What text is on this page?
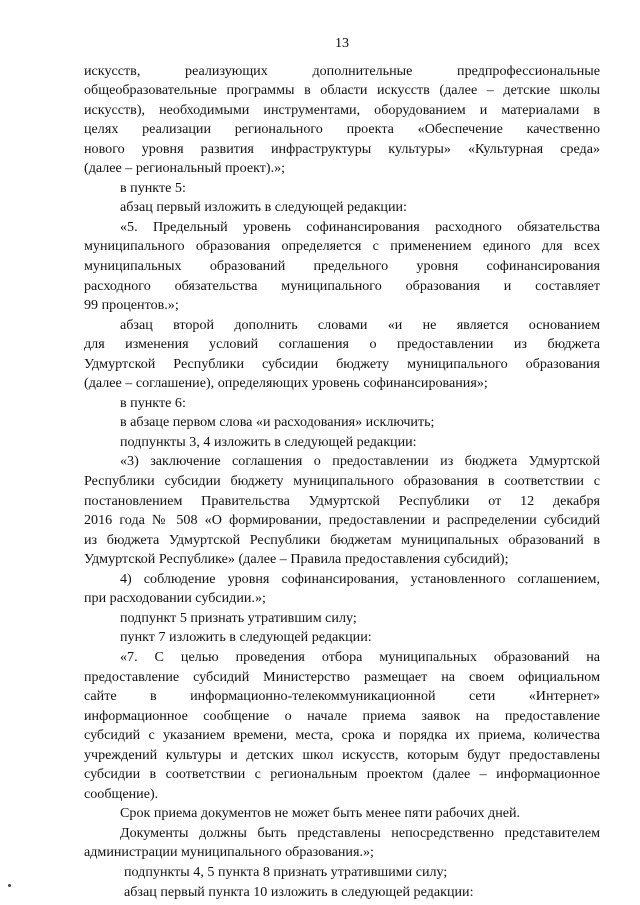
13
искусств, реализующих дополнительные предпрофессиональные
общеобразовательные программы в области искусств (далее – детские школы
искусств), необходимыми инструментами, оборудованием и материалами в
целях реализации регионального проекта «Обеспечение качественно
нового уровня развития инфраструктуры культуры» «Культурная среда»
(далее – региональный проект).»;
в пункте 5:
абзац первый изложить в следующей редакции:
«5. Предельный уровень софинансирования расходного обязательства
муниципального образования определяется с применением единого для всех
муниципальных образований предельного уровня софинансирования
расходного обязательства муниципального образования и составляет
99 процентов.»;
абзац второй дополнить словами «и не является основанием
для изменения условий соглашения о предоставлении из бюджета
Удмуртской Республики субсидии бюджету муниципального образования
(далее – соглашение), определяющих уровень софинансирования»;
в пункте 6:
в абзаце первом слова «и расходования» исключить;
подпункты 3, 4 изложить в следующей редакции:
«3) заключение соглашения о предоставлении из бюджета Удмуртской
Республики субсидии бюджету муниципального образования в соответствии с
постановлением Правительства Удмуртской Республики от 12 декабря
2016 года № 508 «О формировании, предоставлении и распределении субсидий
из бюджета Удмуртской Республики бюджетам муниципальных образований в
Удмуртской Республике» (далее – Правила предоставления субсидий);
4) соблюдение уровня софинансирования, установленного соглашением,
при расходовании субсидии.»;
подпункт 5 признать утратившим силу;
пункт 7 изложить в следующей редакции:
«7. С целью проведения отбора муниципальных образований на
предоставление субсидий Министерство размещает на своем официальном
сайте в информационно-телекоммуникационной сети «Интернет»
информационное сообщение о начале приема заявок на предоставление
субсидий с указанием времени, места, срока и порядка их приема, количества
учреждений культуры и детских школ искусств, которым будут предоставлены
субсидии в соответствии с региональным проектом (далее – информационное
сообщение).
Срок приема документов не может быть менее пяти рабочих дней.
Документы должны быть представлены непосредственно представителем
администрации муниципального образования.»;
подпункты 4, 5 пункта 8 признать утратившими силу;
абзац первый пункта 10 изложить в следующей редакции:
